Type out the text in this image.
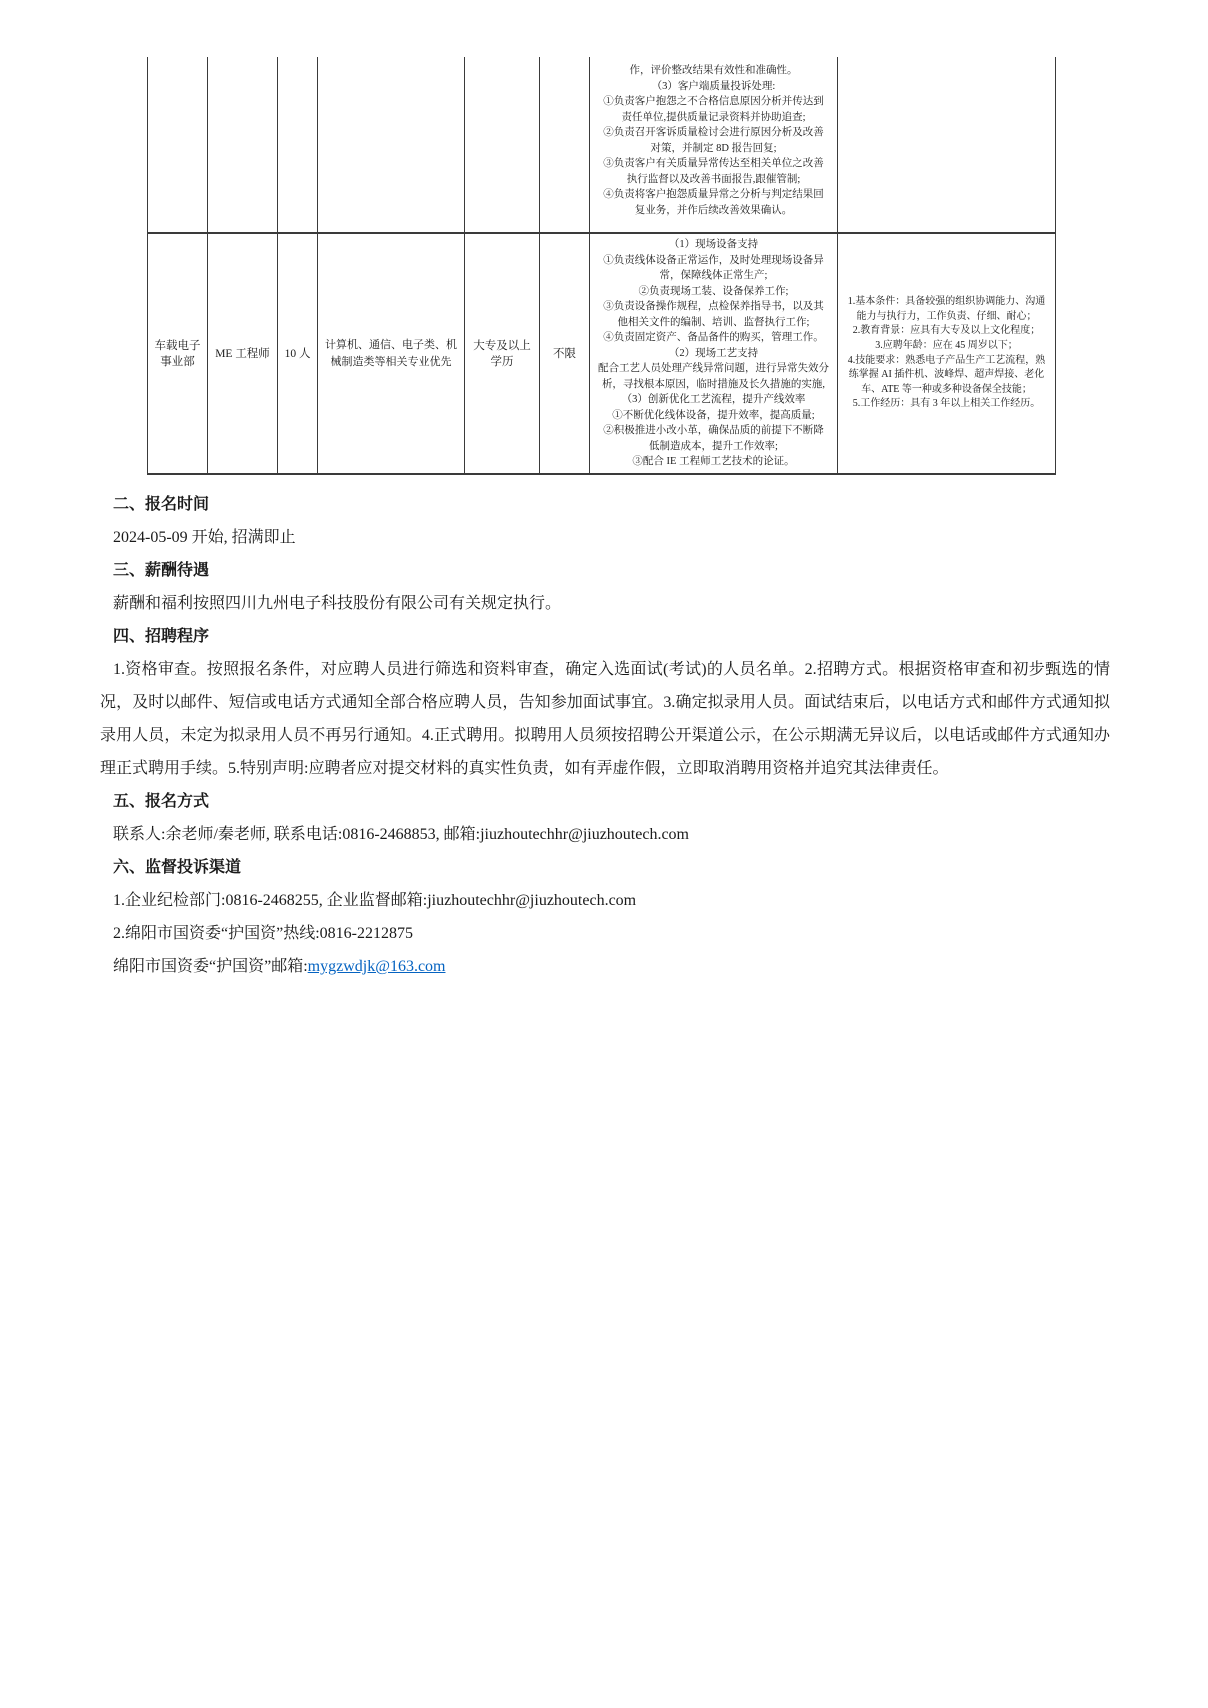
作，评价整改结果有效性和准确性。
（3）客户端质量投诉处理:
①负责客户抱怨之不合格信息原因分析并传达到
责任单位,提供质量记录资料并协助追查;
②负责召开客诉质量检讨会进行原因分析及改善
对策，并制定 8D 报告回复;
③负责客户有关质量异常传达至相关单位之改善
执行监督以及改善书面报告,跟催管制;
④负责将客户抱怨质量异常之分析与判定结果回
复业务，并作后续改善效果确认。
车载电子 事业部
ME 工程师	10 人
计算机、通信、电子类、机械制造类等相关专业优先
大专及以上 学历
不限
（1）现场设备支持
①负责线体设备正常运作，及时处理现场设备异
常，保障线体正常生产;
②负责现场工装、设备保养工作;
③负责设备操作规程，点检保养指导书，以及其
他相关文件的编制、培训、监督执行工作;
④负责固定资产、备品备件的购买，管理工作。
（2）现场工艺支持
配合工艺人员处理产线异常问题，进行异常失效分
析，寻找根本原因，临时措施及长久措施的实施,
（3）创新优化工艺流程，提升产线效率
①不断优化线体设备，提升效率，提高质量;
②积极推进小改小革，确保品质的前提下不断降
低制造成本，提升工作效率;
③配合 IE 工程师工艺技术的论证。
1.基本条件：具备较强的组织协调能力、沟通
能力与执行力，工作负责、仔细、耐心；
2.教育背景：应具有大专及以上文化程度；
3.应聘年龄：应在 45 周岁以下；
4.技能要求：熟悉电子产品生产工艺流程，熟
练掌握 AI 插件机、波峰焊、超声焊接、老化
车、ATE 等一种或多种设备保全技能；
5.工作经历：具有 3 年以上相关工作经历。
二、报名时间
2024-05-09 开始, 招满即止
三、薪酬待遇
薪酬和福利按照四川九州电子科技股份有限公司有关规定执行。
四、招聘程序
1.资格审查。按照报名条件，对应聘人员进行筛选和资料审查，确定入选面试(考试)的人员名单。2.招聘方式。根据资格审查和初步甄选的情况，及时以邮件、短信或电话方式通知全部合格应聘人员，告知参加面试事宜。3.确定拟录用人员。面试结束后，以电话方式和邮件方式通知拟录用人员，未定为拟录用人员不再另行通知。4.正式聘用。拟聘用人员须按招聘公开渠道公示，在公示期满无异议后，以电话或邮件方式通知办理正式聘用手续。5.特别声明:应聘者应对提交材料的真实性负责，如有弄虚作假，立即取消聘用资格并追究其法律责任。
五、报名方式
联系人:余老师/秦老师, 联系电话:0816-2468853, 邮箱:jiuzhoutechhr@jiuzhoutech.com
六、监督投诉渠道
1.企业纪检部门:0816-2468255, 企业监督邮箱:jiuzhoutechhr@jiuzhoutech.com
2.绵阳市国资委“护国资”热线:0816-2212875
绵阳市国资委“护国资”邮箱:mygzwdjk@163.com
